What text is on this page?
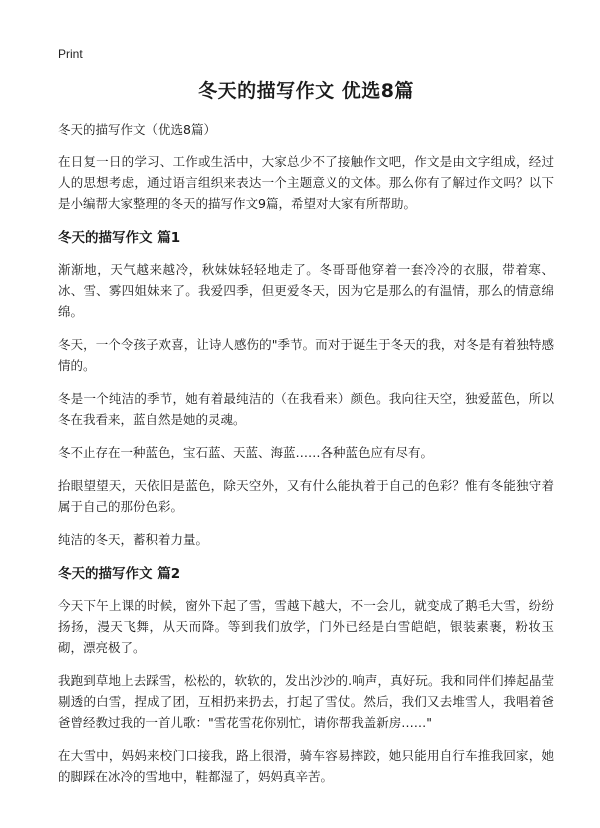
Print
冬天的描写作文 优选8篇

冬天的描写作文（优选8篇）

在日复一日的学习、工作或生活中，大家总少不了接触作文吧，作文是由文字组成，经过人的思想考虑，通过语言组织来表达一个主题意义的文体。那么你有了解过作文吗？以下是小编帮大家整理的冬天的描写作文9篇，希望对大家有所帮助。

冬天的描写作文 篇1

渐渐地，天气越来越冷，秋妹妹轻轻地走了。冬哥哥他穿着一套冷冷的衣服，带着寒、冰、雪、雾四姐妹来了。我爱四季，但更爱冬天，因为它是那么的有温情，那么的情意绵绵。

冬天，一个令孩子欢喜，让诗人感伤的"季节。而对于诞生于冬天的我，对冬是有着独特感情的。

冬是一个纯洁的季节，她有着最纯洁的（在我看来）颜色。我向往天空，独爱蓝色，所以冬在我看来，蓝自然是她的灵魂。

冬不止存在一种蓝色，宝石蓝、天蓝、海蓝……各种蓝色应有尽有。

抬眼望望天，天依旧是蓝色，除天空外，又有什么能执着于自己的色彩？惟有冬能独守着属于自己的那份色彩。

纯洁的冬天，蓄积着力量。

冬天的描写作文 篇2

今天下午上课的时候，窗外下起了雪，雪越下越大，不一会儿，就变成了鹅毛大雪，纷纷扬扬，漫天飞舞，从天而降。等到我们放学，门外已经是白雪皑皑，银装素裹，粉妆玉砌，漂亮极了。

我跑到草地上去踩雪，松松的，软软的，发出沙沙的.响声，真好玩。我和同伴们捧起晶莹剔透的白雪，捏成了团，互相扔来扔去，打起了雪仗。然后，我们又去堆雪人，我唱着爸爸曾经教过我的一首儿歌："雪花雪花你别忙，请你帮我盖新房……"

在大雪中，妈妈来校门口接我，路上很滑，骑车容易摔跤，她只能用自行车推我回家，她的脚踩在冰冷的雪地中，鞋都湿了，妈妈真辛苦。
